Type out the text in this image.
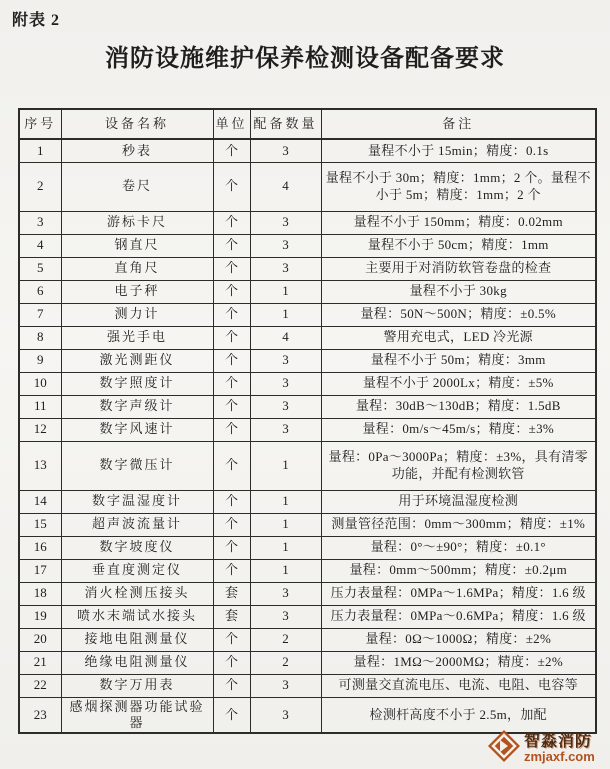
附表 2
消防设施维护保养检测设备配备要求
序号	设备名称	单位	配备数量	备注
1	秒表	个	3	量程不小于 15min；精度：0.1s
2	卷尺	个	4	量程不小于 30m；精度：1mm；2 个。量程不小于 5m；精度：1mm；2 个
3	游标卡尺	个	3	量程不小于 150mm；精度：0.02mm
4	钢直尺	个	3	量程不小于 50cm；精度：1mm
5	直角尺	个	3	主要用于对消防软管卷盘的检查
6	电子秤	个	1	量程不小于 30kg
7	测力计	个	1	量程：50N～500N；精度：±0.5%
8	强光手电	个	4	警用充电式，LED 冷光源
9	激光测距仪	个	3	量程不小于 50m；精度：3mm
10	数字照度计	个	3	量程不小于 2000Lx；精度：±5%
11	数字声级计	个	3	量程：30dB～130dB；精度：1.5dB
12	数字风速计	个	3	量程：0m/s～45m/s；精度：±3%
13	数字微压计	个	1	量程：0Pa～3000Pa；精度：±3%，具有清零功能，并配有检测软管
14	数字温湿度计	个	1	用于环境温湿度检测
15	超声波流量计	个	1	测量管径范围：0mm～300mm；精度：±1%
16	数字坡度仪	个	1	量程：0°～±90°；精度：±0.1°
17	垂直度测定仪	个	1	量程：0mm～500mm；精度：±0.2μm
18	消火栓测压接头	套	3	压力表量程：0MPa～1.6MPa；精度：1.6 级
19	喷水末端试水接头	套	3	压力表量程：0MPa～0.6MPa；精度：1.6 级
20	接地电阻测量仪	个	2	量程：0Ω～1000Ω；精度：±2%
21	绝缘电阻测量仪	个	2	量程：1MΩ～2000MΩ；精度：±2%
22	数字万用表	个	3	可测量交直流电压、电流、电阻、电容等
23	感烟探测器功能试验器	个	3	检测杆高度不小于 2.5m，加配
智淼消防
zmjaxf.com
